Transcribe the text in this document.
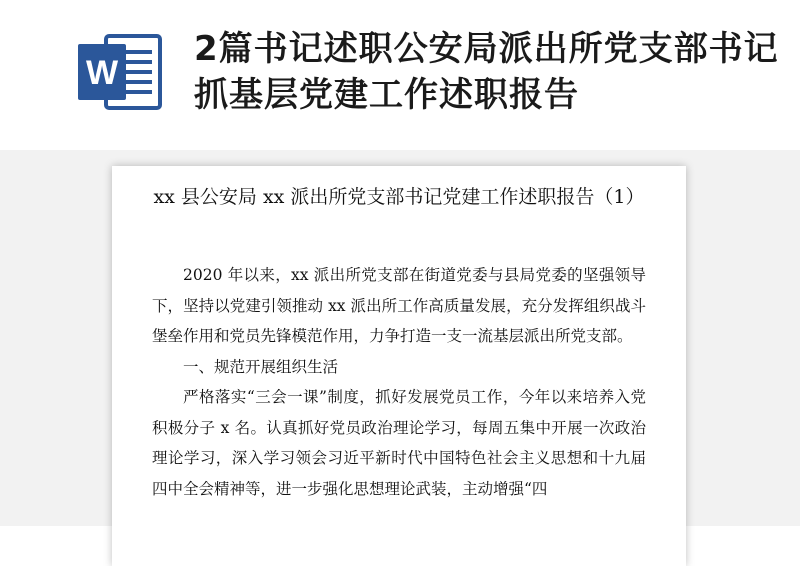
W
2篇书记述职公安局派出所党支部书记抓基层党建工作述职报告
xx 县公安局 xx 派出所党支部书记党建工作述职报告（1）

2020 年以来，xx 派出所党支部在街道党委与县局党委的坚强领导下，坚持以党建引领推动 xx 派出所工作高质量发展，充分发挥组织战斗堡垒作用和党员先锋模范作用，力争打造一支一流基层派出所党支部。

一、规范开展组织生活

严格落实“三会一课”制度，抓好发展党员工作，今年以来培养入党积极分子 x 名。认真抓好党员政治理论学习，每周五集中开展一次政治理论学习，深入学习领会习近平新时代中国特色社会主义思想和十九届四中全会精神等，进一步强化思想理论武装，主动增强“四
